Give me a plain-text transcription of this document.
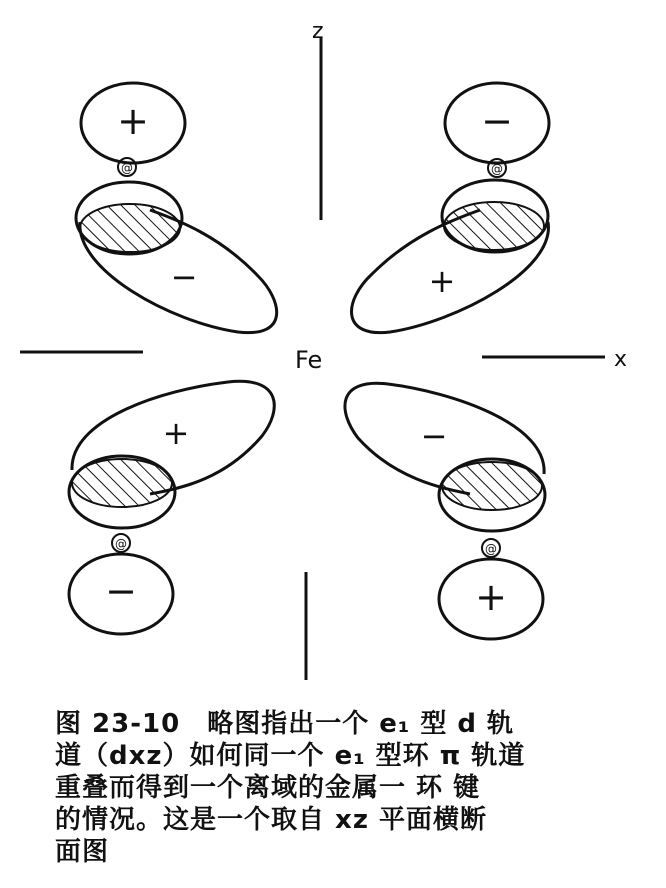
z
x
Fe
+
@
−
−
@
+
+
@
−
−
@
+
图 23-10　略图指出一个 e₁ 型 d 轨
道（dxz）如何同一个 e₁ 型环 π 轨道
重叠而得到一个离域的金属一 环 键
的情况。这是一个取自 xz 平面横断
面图
